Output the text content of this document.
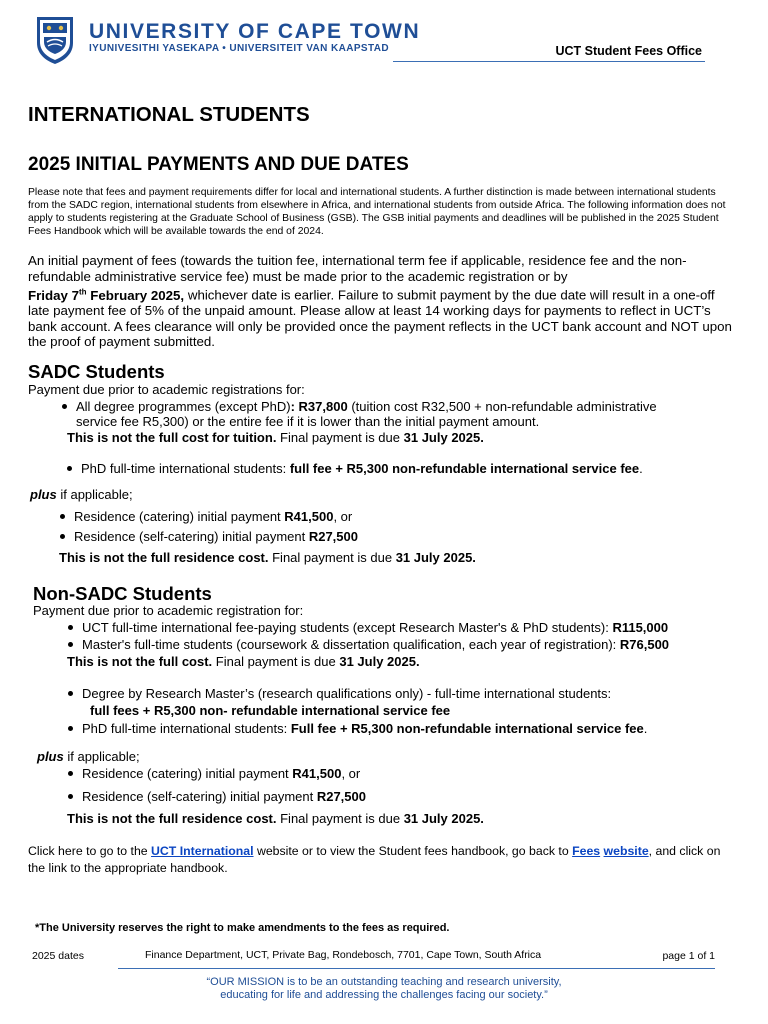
UNIVERSITY OF CAPE TOWN
IYUNIVESITHI YASEKAPA • UNIVERSITEIT VAN KAAPSTAD	UCT Student Fees Office
INTERNATIONAL STUDENTS
2025 INITIAL PAYMENTS AND DUE DATES
Please note that fees and payment requirements differ for local and international students. A further distinction is made between international students from the SADC region, international students from elsewhere in Africa, and international students from outside Africa. The following information does not apply to students registering at the Graduate School of Business (GSB). The GSB initial payments and deadlines will be published in the 2025 Student Fees Handbook which will be available towards the end of 2024.
An initial payment of fees (towards the tuition fee, international term fee if applicable, residence fee and the non-refundable administrative service fee) must be made prior to the academic registration or by
Friday 7th February 2025, whichever date is earlier. Failure to submit payment by the due date will result in a one-off late payment fee of 5% of the unpaid amount. Please allow at least 14 working days for payments to reflect in UCT’s bank account. A fees clearance will only be provided once the payment reflects in the UCT bank account and NOT upon the proof of payment submitted.
SADC Students
Payment due prior to academic registrations for:
All degree programmes (except PhD): R37,800 (tuition cost R32,500 + non-refundable administrative
service fee R5,300) or the entire fee if it is lower than the initial payment amount.
This is not the full cost for tuition. Final payment is due 31 July 2025.
PhD full-time international students: full fee + R5,300 non-refundable international service fee.
plus if applicable;
Residence (catering) initial payment R41,500, or
Residence (self-catering) initial payment R27,500
This is not the full residence cost. Final payment is due 31 July 2025.
Non-SADC Students
Payment due prior to academic registration for:
UCT full-time international fee-paying students (except Research Master's & PhD students): R115,000
Master's full-time students (coursework & dissertation qualification, each year of registration): R76,500
This is not the full cost. Final payment is due 31 July 2025.
Degree by Research Master’s (research qualifications only) - full-time international students:
full fees + R5,300 non- refundable international service fee
PhD full-time international students: Full fee + R5,300 non-refundable international service fee.
plus if applicable;
Residence (catering) initial payment R41,500, or
Residence (self-catering) initial payment R27,500
This is not the full residence cost. Final payment is due 31 July 2025.
Click here to go to the UCT International website or to view the Student fees handbook, go back to Fees website, and click on the link to the appropriate handbook.
*The University reserves the right to make amendments to the fees as required.
2025 dates	Finance Department, UCT, Private Bag, Rondebosch, 7701, Cape Town, South Africa	page 1 of 1
“OUR MISSION is to be an outstanding teaching and research university,
educating for life and addressing the challenges facing our society.”
